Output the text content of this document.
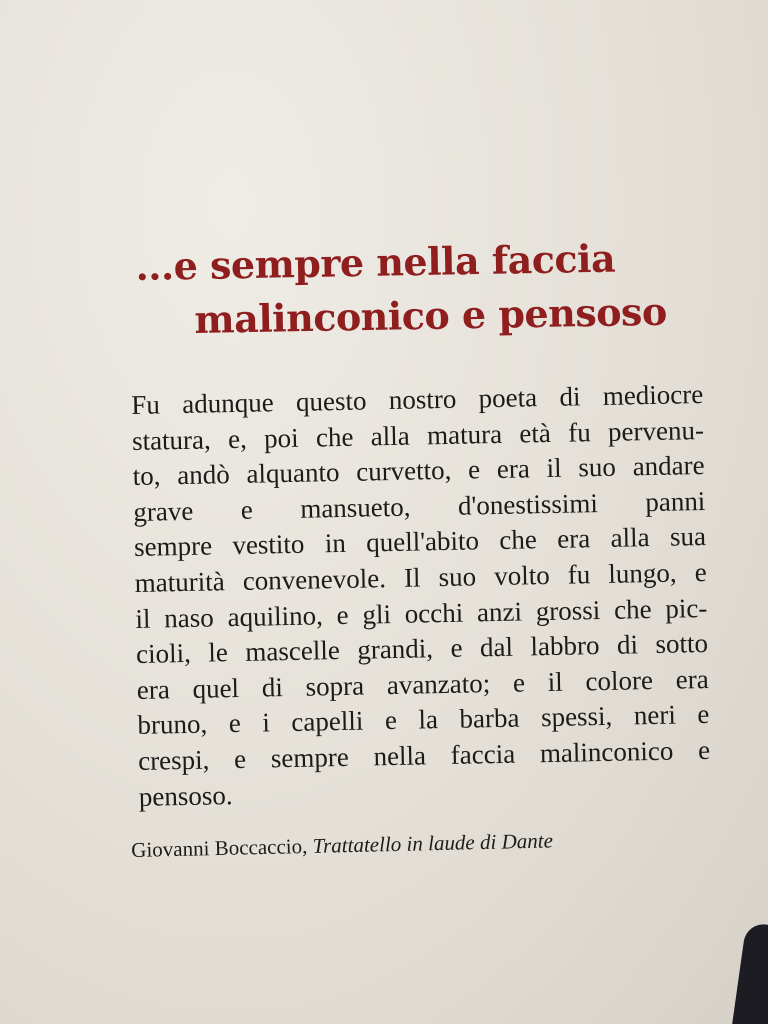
...e sempre nella faccia
malinconico e pensoso
Fu adunque questo nostro poeta di mediocre
statura, e, poi che alla matura età fu pervenu-
to, andò alquanto curvetto, e era il suo andare
grave e mansueto, d'onestissimi panni
sempre vestito in quell'abito che era alla sua
maturità convenevole. Il suo volto fu lungo, e
il naso aquilino, e gli occhi anzi grossi che pic-
cioli, le mascelle grandi, e dal labbro di sotto
era quel di sopra avanzato; e il colore era
bruno, e i capelli e la barba spessi, neri e
crespi, e sempre nella faccia malinconico e
pensoso.
Giovanni Boccaccio, Trattatello in laude di Dante
